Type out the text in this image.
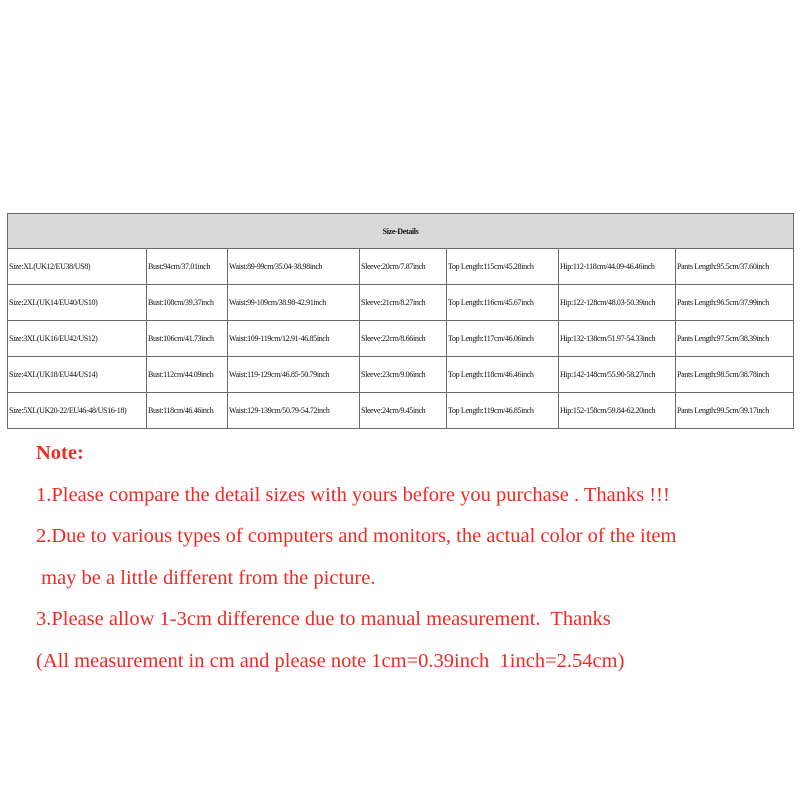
Size-Details						
Size:XL(UK12/EU38/US8)	Bust:94cm/37.01inch	Waist:89-99cm/35.04-38.98inch	Sleeve:20cm/7.87inch	Top Length:115cm/45.28inch	Hip:112-118cm/44.09-46.46inch	Pants Length:95.5cm/37.60inch
Size:2XL(UK14/EU40/US10)	Bust:100cm/39.37inch	Waist:99-109cm/38.98-42.91inch	Sleeve:21cm/8.27inch	Top Length:116cm/45.67inch	Hip:122-128cm/48.03-50.39inch	Pants Length:96.5cm/37.99inch
Size:3XL(UK16/EU42/US12)	Bust:106cm/41.73inch	Waist:109-119cm/12.91-46.85inch	Sleeve:22cm/8.66inch	Top Length:117cm/46.06inch	Hip:132-138cm/51.97-54.33inch	Pants Length:97.5cm/38.39inch
Size:4XL(UK18/EU44/US14)	Bust:112cm/44.09inch	Waist:119-129cm/46.85-50.79inch	Sleeve:23cm/9.06inch	Top Length:118cm/46.46inch	Hip:142-148cm/55.90-58.27inch	Pants Length:98.5cm/38.78inch
Size:5XL(UK20-22/EU46-48/US16-18)	Bust:118cm/46.46inch	Waist:129-139cm/50.79-54.72inch	Sleeve:24cm/9.45inch	Top Length:119cm/46.85inch	Hip:152-158cm/59.84-62.20inch	Pants Length:99.5cm/39.17inch
Note:
1.Please compare the detail sizes with yours before you purchase . Thanks !!!
2.Due to various types of computers and monitors, the actual color of the item
may be a little different from the picture.
3.Please allow 1-3cm difference due to manual measurement.  Thanks
(All measurement in cm and please note 1cm=0.39inch  1inch=2.54cm)
